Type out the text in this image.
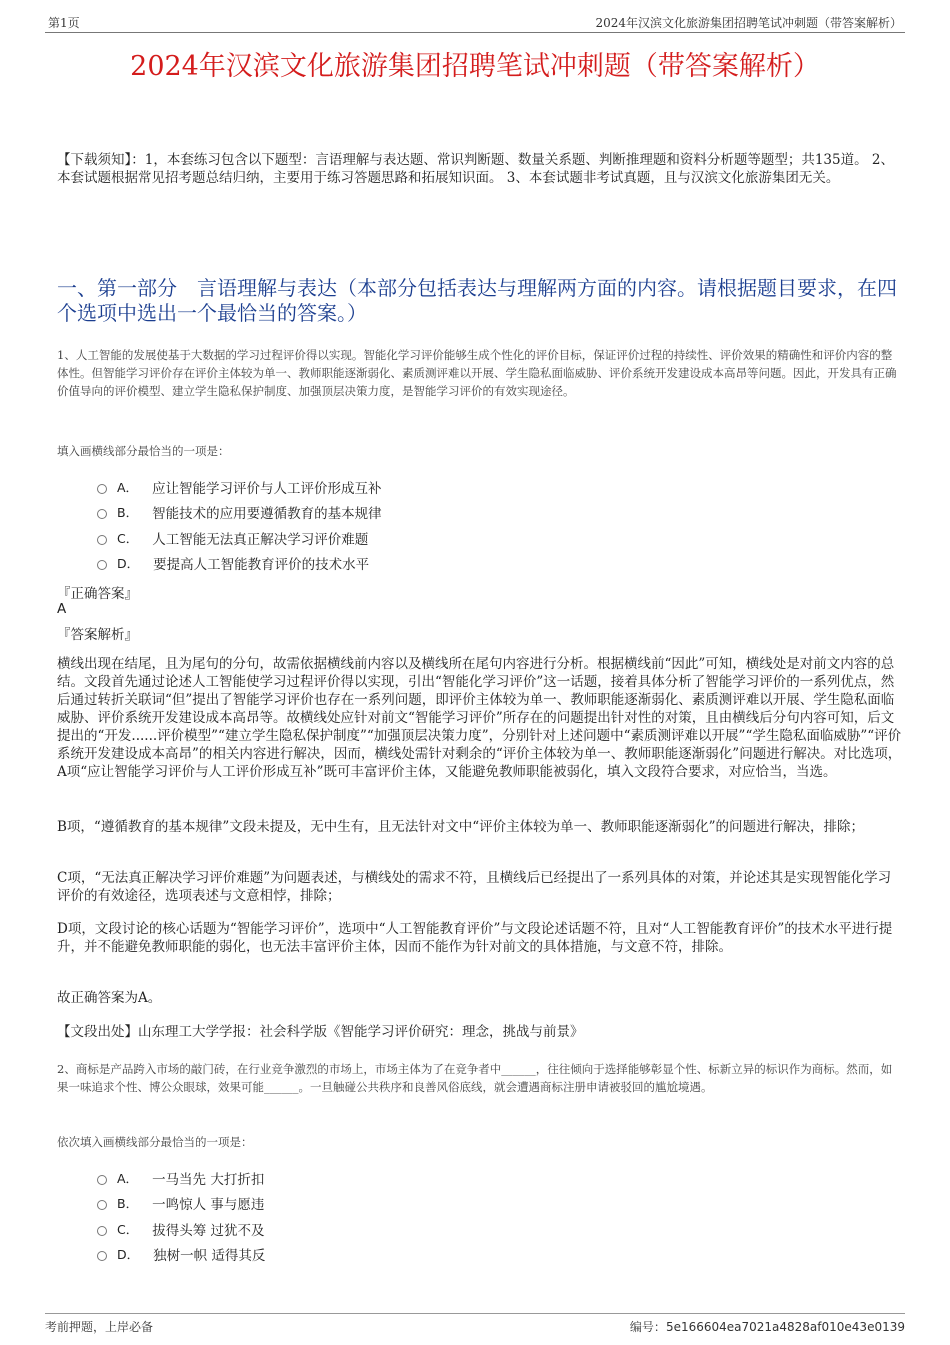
第1页	2024年汉滨文化旅游集团招聘笔试冲刺题（带答案解析）
2024年汉滨文化旅游集团招聘笔试冲刺题（带答案解析）
【下载须知】：1，本套练习包含以下题型：言语理解与表达题、常识判断题、数量关系题、判断推理题和资料分析题等题型；共135道。 2、本套试题根据常见招考题总结归纳，主要用于练习答题思路和拓展知识面。 3、本套试题非考试真题，且与汉滨文化旅游集团无关。
一、第一部分　言语理解与表达（本部分包括表达与理解两方面的内容。请根据题目要求，在四个选项中选出一个最恰当的答案。）
1、人工智能的发展使基于大数据的学习过程评价得以实现。智能化学习评价能够生成个性化的评价目标，保证评价过程的持续性、评价效果的精确性和评价内容的整体性。但智能学习评价存在评价主体较为单一、教师职能逐渐弱化、素质测评难以开展、学生隐私面临威胁、评价系统开发建设成本高昂等问题。因此，开发具有正确价值导向的评价模型、建立学生隐私保护制度、加强顶层决策力度，是智能学习评价的有效实现途径。
填入画横线部分最恰当的一项是：
A． 应让智能学习评价与人工评价形成互补
B． 智能技术的应用要遵循教育的基本规律
C． 人工智能无法真正解决学习评价难题
D． 要提高人工智能教育评价的技术水平
『正确答案』
A
『答案解析』
横线出现在结尾，且为尾句的分句，故需依据横线前内容以及横线所在尾句内容进行分析。根据横线前“因此”可知，横线处是对前文内容的总结。文段首先通过论述人工智能使学习过程评价得以实现，引出“智能化学习评价”这一话题，接着具体分析了智能学习评价的一系列优点，然后通过转折关联词“但”提出了智能学习评价也存在一系列问题，即评价主体较为单一、教师职能逐渐弱化、素质测评难以开展、学生隐私面临威胁、评价系统开发建设成本高昂等。故横线处应针对前文“智能学习评价”所存在的问题提出针对性的对策，且由横线后分句内容可知，后文提出的“开发......评价模型”“建立学生隐私保护制度”“加强顶层决策力度”，分别针对上述问题中“素质测评难以开展”“学生隐私面临威胁”“评价系统开发建设成本高昂”的相关内容进行解决，因而，横线处需针对剩余的“评价主体较为单一、教师职能逐渐弱化”问题进行解决。对比选项，A项“应让智能学习评价与人工评价形成互补”既可丰富评价主体，又能避免教师职能被弱化，填入文段符合要求，对应恰当，当选。
B项，“遵循教育的基本规律”文段未提及，无中生有，且无法针对文中“评价主体较为单一、教师职能逐渐弱化”的问题进行解决，排除；
C项，“无法真正解决学习评价难题”为问题表述，与横线处的需求不符，且横线后已经提出了一系列具体的对策，并论述其是实现智能化学习评价的有效途径，选项表述与文意相悖，排除；
D项，文段讨论的核心话题为“智能学习评价”，选项中“人工智能教育评价”与文段论述话题不符，且对“人工智能教育评价”的技术水平进行提升，并不能避免教师职能的弱化，也无法丰富评价主体，因而不能作为针对前文的具体措施，与文意不符，排除。
故正确答案为A。
【文段出处】山东理工大学学报：社会科学版《智能学习评价研究：理念，挑战与前景》
2、商标是产品跨入市场的敲门砖，在行业竞争激烈的市场上，市场主体为了在竞争者中______，往往倾向于选择能够彰显个性、标新立异的标识作为商标。然而，如果一味追求个性、博公众眼球，效果可能______。一旦触碰公共秩序和良善风俗底线，就会遭遇商标注册申请被驳回的尴尬境遇。
依次填入画横线部分最恰当的一项是：
A． 一马当先 大打折扣
B． 一鸣惊人 事与愿违
C． 拔得头筹 过犹不及
D． 独树一帜 适得其反
考前押题，上岸必备	编号：5e166604ea7021a4828af010e43e0139
